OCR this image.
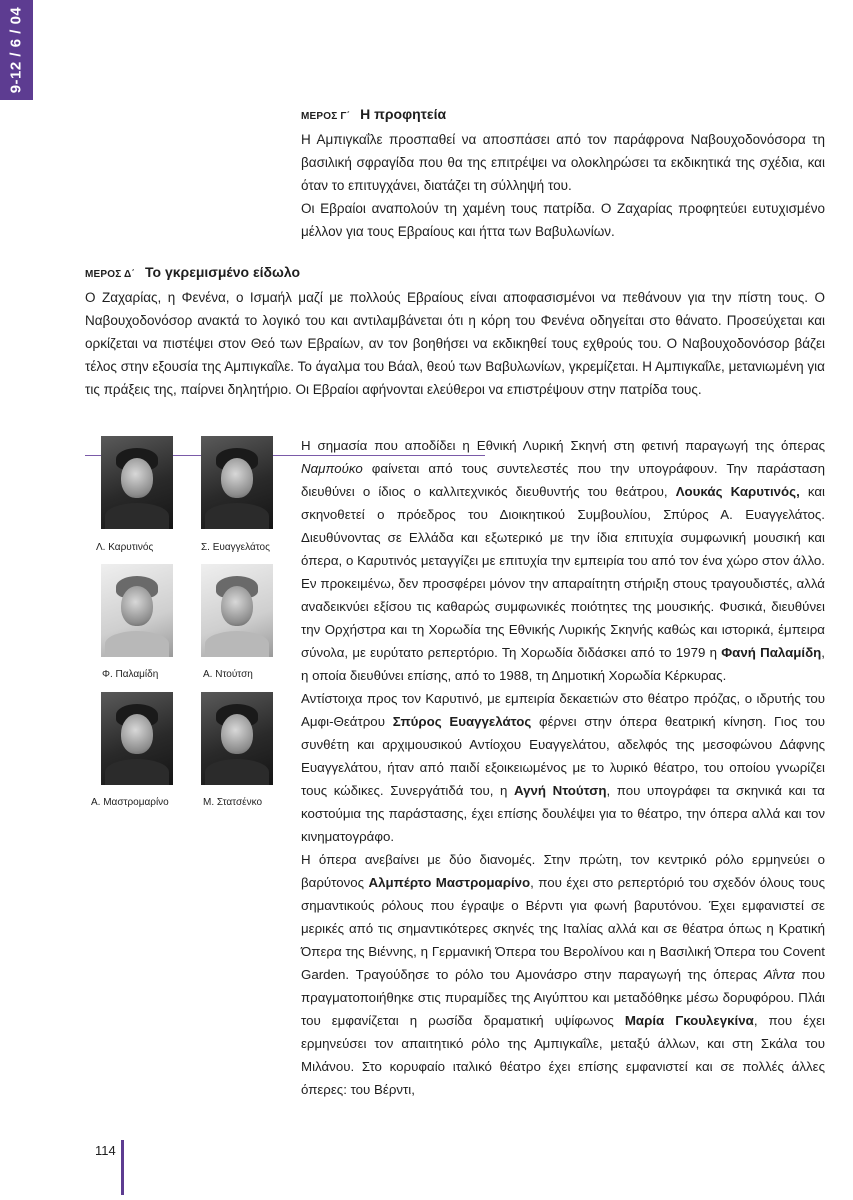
9-12 / 6 / 04
ΜΕΡΟΣ Γ΄ Η προφητεία

Η Αμπιγκαΐλε προσπαθεί να αποσπάσει από τον παράφρονα Ναβουχοδονόσορα τη βασιλική σφραγίδα που θα της επιτρέψει να ολοκληρώσει τα εκδικητικά της σχέδια, και όταν το επιτυγχάνει, διατάζει τη σύλληψή του.

Οι Εβραίοι αναπολούν τη χαμένη τους πατρίδα. Ο Ζαχαρίας προφητεύει ευτυχισμένο μέλλον για τους Εβραίους και ήττα των Βαβυλωνίων.

ΜΕΡΟΣ Δ΄ Το γκρεμισμένο είδωλο

Ο Ζαχαρίας, η Φενένα, ο Ισμαήλ μαζί με πολλούς Εβραίους είναι αποφασισμένοι να πεθάνουν για την πίστη τους. Ο Ναβουχοδονόσορ ανακτά το λογικό του και αντιλαμβάνεται ότι η κόρη του Φενένα οδηγείται στο θάνατο. Προσεύχεται και ορκίζεται να πιστέψει στον Θεό των Εβραίων, αν τον βοηθήσει να εκδικηθεί τους εχθρούς του. Ο Ναβουχοδονόσορ βάζει τέλος στην εξουσία της Αμπιγκαΐλε. Το άγαλμα του Βάαλ, θεού των Βαβυλωνίων, γκρεμίζεται. Η Αμπιγκαΐλε, μετανιωμένη για τις πράξεις της, παίρνει δηλητήριο. Οι Εβραίοι αφήνονται ελεύθεροι να επιστρέψουν στην πατρίδα τους.

Λ. Καρυτινός	Σ. Ευαγγελάτος
Φ. Παλαμίδη	Α. Ντούτση
Α. Μαστρομαρίνο	Μ. Στατσένκο

Η σημασία που αποδίδει η Εθνική Λυρική Σκηνή στη φετινή παραγωγή της όπερας Ναμπούκο φαίνεται από τους συντελεστές που την υπογράφουν. Την παράσταση διευθύνει ο ίδιος ο καλλιτεχνικός διευθυντής του θεάτρου, Λουκάς Καρυτινός, και σκηνοθετεί ο πρόεδρος του Διοικητικού Συμβουλίου, Σπύρος Α. Ευαγγελάτος. Διευθύνοντας σε Ελλάδα και εξωτερικό με την ίδια επιτυχία συμφωνική μουσική και όπερα, ο Καρυτινός μεταγγίζει με επιτυχία την εμπειρία του από τον ένα χώρο στον άλλο. Εν προκειμένω, δεν προσφέρει μόνον την απαραίτητη στήριξη στους τραγουδιστές, αλλά αναδεικνύει εξίσου τις καθαρώς συμφωνικές ποιότητες της μουσικής. Φυσικά, διευθύνει την Ορχήστρα και τη Χορωδία της Εθνικής Λυρικής Σκηνής καθώς και ιστορικά, έμπειρα σύνολα, με ευρύτατο ρεπερτόριο. Τη Χορωδία διδάσκει από το 1979 η Φανή Παλαμίδη, η οποία διευθύνει επίσης, από το 1988, τη Δημοτική Χορωδία Κέρκυρας.

Αντίστοιχα προς τον Καρυτινό, με εμπειρία δεκαετιών στο θέατρο πρόζας, ο ιδρυτής του Αμφι-Θεάτρου Σπύρος Ευαγγελάτος φέρνει στην όπερα θεατρική κίνηση. Γιος του συνθέτη και αρχιμουσικού Αντίοχου Ευαγγελάτου, αδελφός της μεσοφώνου Δάφνης Ευαγγελάτου, ήταν από παιδί εξοικειωμένος με το λυρικό θέατρο, του οποίου γνωρίζει τους κώδικες. Συνεργάτιδά του, η Αγνή Ντούτση, που υπογράφει τα σκηνικά και τα κοστούμια της παράστασης, έχει επίσης δουλέψει για το θέατρο, την όπερα αλλά και τον κινηματογράφο.

Η όπερα ανεβαίνει με δύο διανομές. Στην πρώτη, τον κεντρικό ρόλο ερμηνεύει ο βαρύτονος Αλμπέρτο Μαστρομαρίνο, που έχει στο ρεπερτόριό του σχεδόν όλους τους σημαντικούς ρόλους που έγραψε ο Βέρντι για φωνή βαρυτόνου. Έχει εμφανιστεί σε μερικές από τις σημαντικότερες σκηνές της Ιταλίας αλλά και σε θέατρα όπως η Κρατική Όπερα της Βιέννης, η Γερμανική Όπερα του Βερολίνου και η Βασιλική Όπερα του Covent Garden. Τραγούδησε το ρόλο του Αμονάσρο στην παραγωγή της όπερας Αΐντα που πραγματοποιήθηκε στις πυραμίδες της Αιγύπτου και μεταδόθηκε μέσω δορυφόρου. Πλάι του εμφανίζεται η ρωσίδα δραματική υψίφωνος Μαρία Γκουλεγκίνα, που έχει ερμηνεύσει τον απαιτητικό ρόλο της Αμπιγκαΐλε, μεταξύ άλλων, και στη Σκάλα του Μιλάνου. Στο κορυφαίο ιταλικό θέατρο έχει επίσης εμφανιστεί και σε πολλές άλλες όπερες: του Βέρντι,

114
